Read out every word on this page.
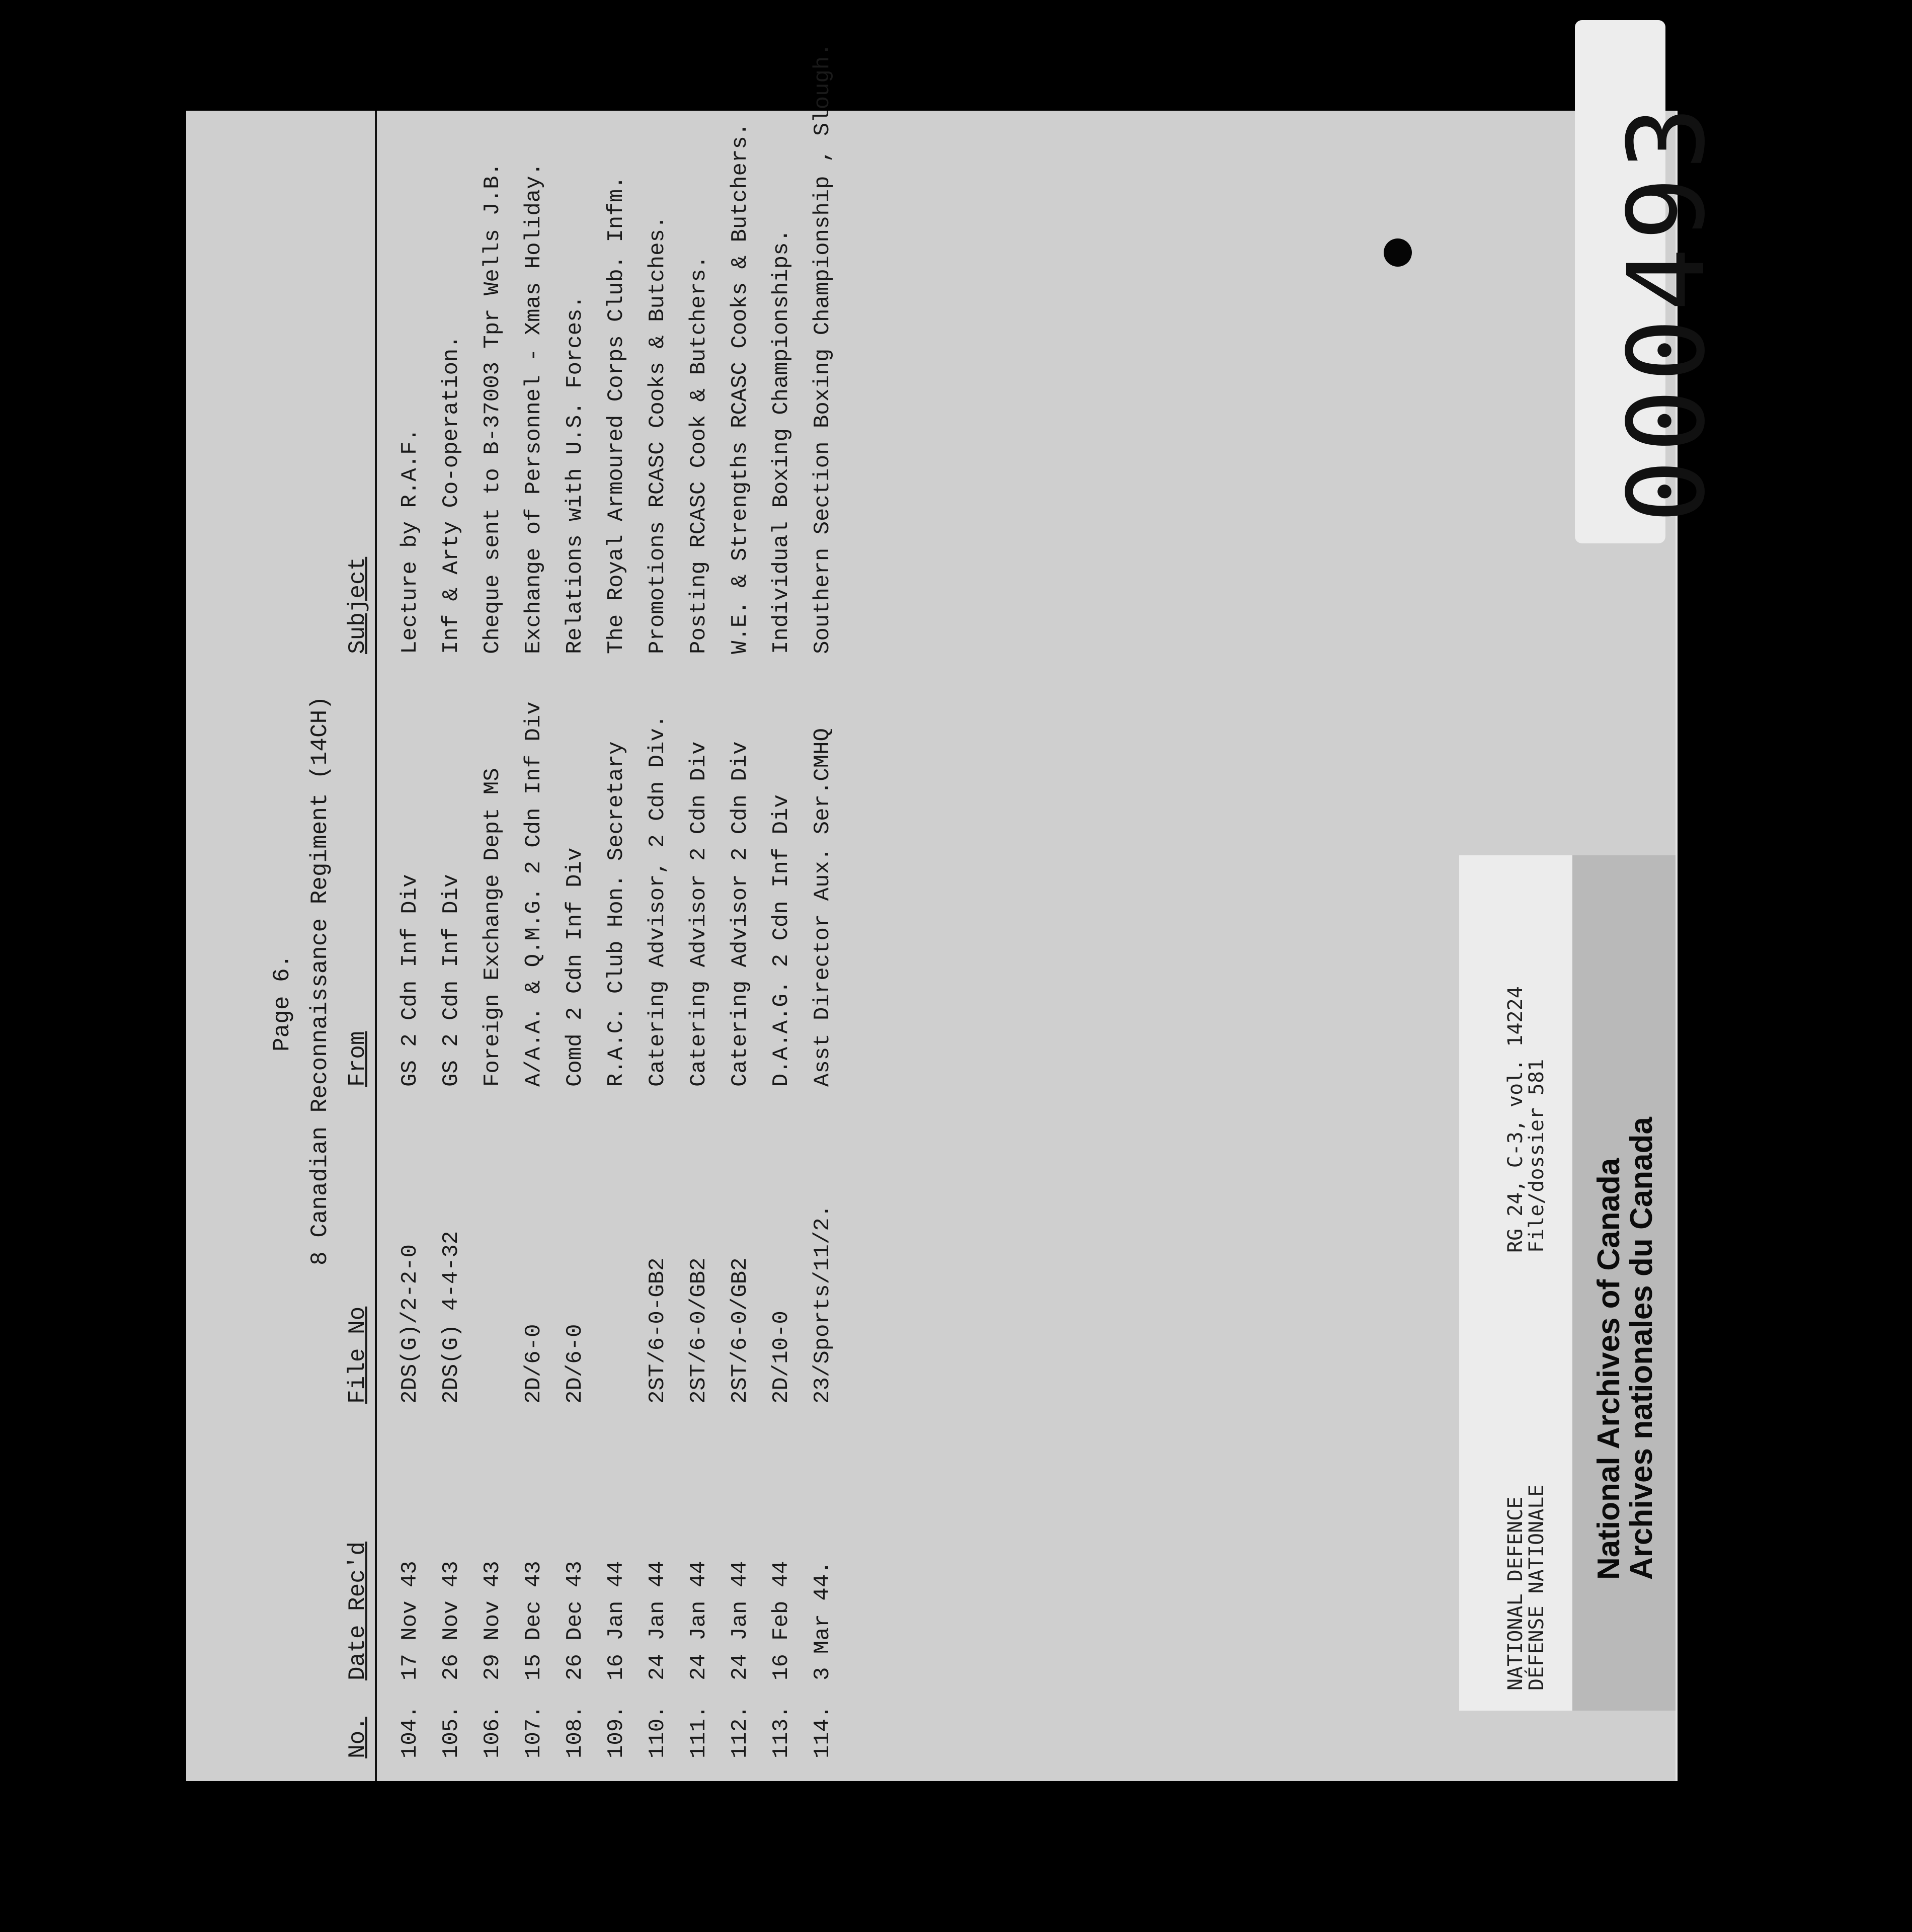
Page 6. 8 Canadian Reconnaissance Regiment (14CH)
No.
Date Rec'd
File No
From
Subject
104.
17 Nov 43
2DS(G)/2-2-0
GS 2 Cdn Inf Div
Lecture by R.A.F.
105.
26 Nov 43
2DS(G) 4-4-32
GS 2 Cdn Inf Div
Inf & Arty Co-operation.
106.
29 Nov 43
Foreign Exchange Dept MS
Cheque sent to B-37003 Tpr Wells J.B.
107.
15 Dec 43
2D/6-0
A/A.A. & Q.M.G. 2 Cdn Inf Div
Exchange of Personnel - Xmas Holiday.
108.
26 Dec 43
2D/6-0
Comd 2 Cdn Inf Div
Relations with U.S. Forces.
109.
16 Jan 44
R.A.C. Club Hon. Secretary
The Royal Armoured Corps Club. Infm.
110.
24 Jan 44
2ST/6-0-GB2
Catering Advisor, 2 Cdn Div.
Promotions RCASC Cooks & Butches.
111.
24 Jan 44
2ST/6-0/GB2
Catering Advisor 2 Cdn Div
Posting RCASC Cook & Butchers.
112.
24 Jan 44
2ST/6-0/GB2
Catering Advisor 2 Cdn Div
W.E. & Strengths RCASC Cooks & Butchers.
113.
16 Feb 44
2D/10-0
D.A.A.G. 2 Cdn Inf Div
Individual Boxing Championships.
114.
3 Mar 44.
23/Sports/11/2.
Asst Director Aux. Ser.CMHQ
Southern Section Boxing Championship , Slough.
NATIONAL DEFENCE
DÉFENSE NATIONALE
RG 24, C-3, vol. 14224
File/dossier 581
National Archives of Canada
Archives nationales du Canada
000493
